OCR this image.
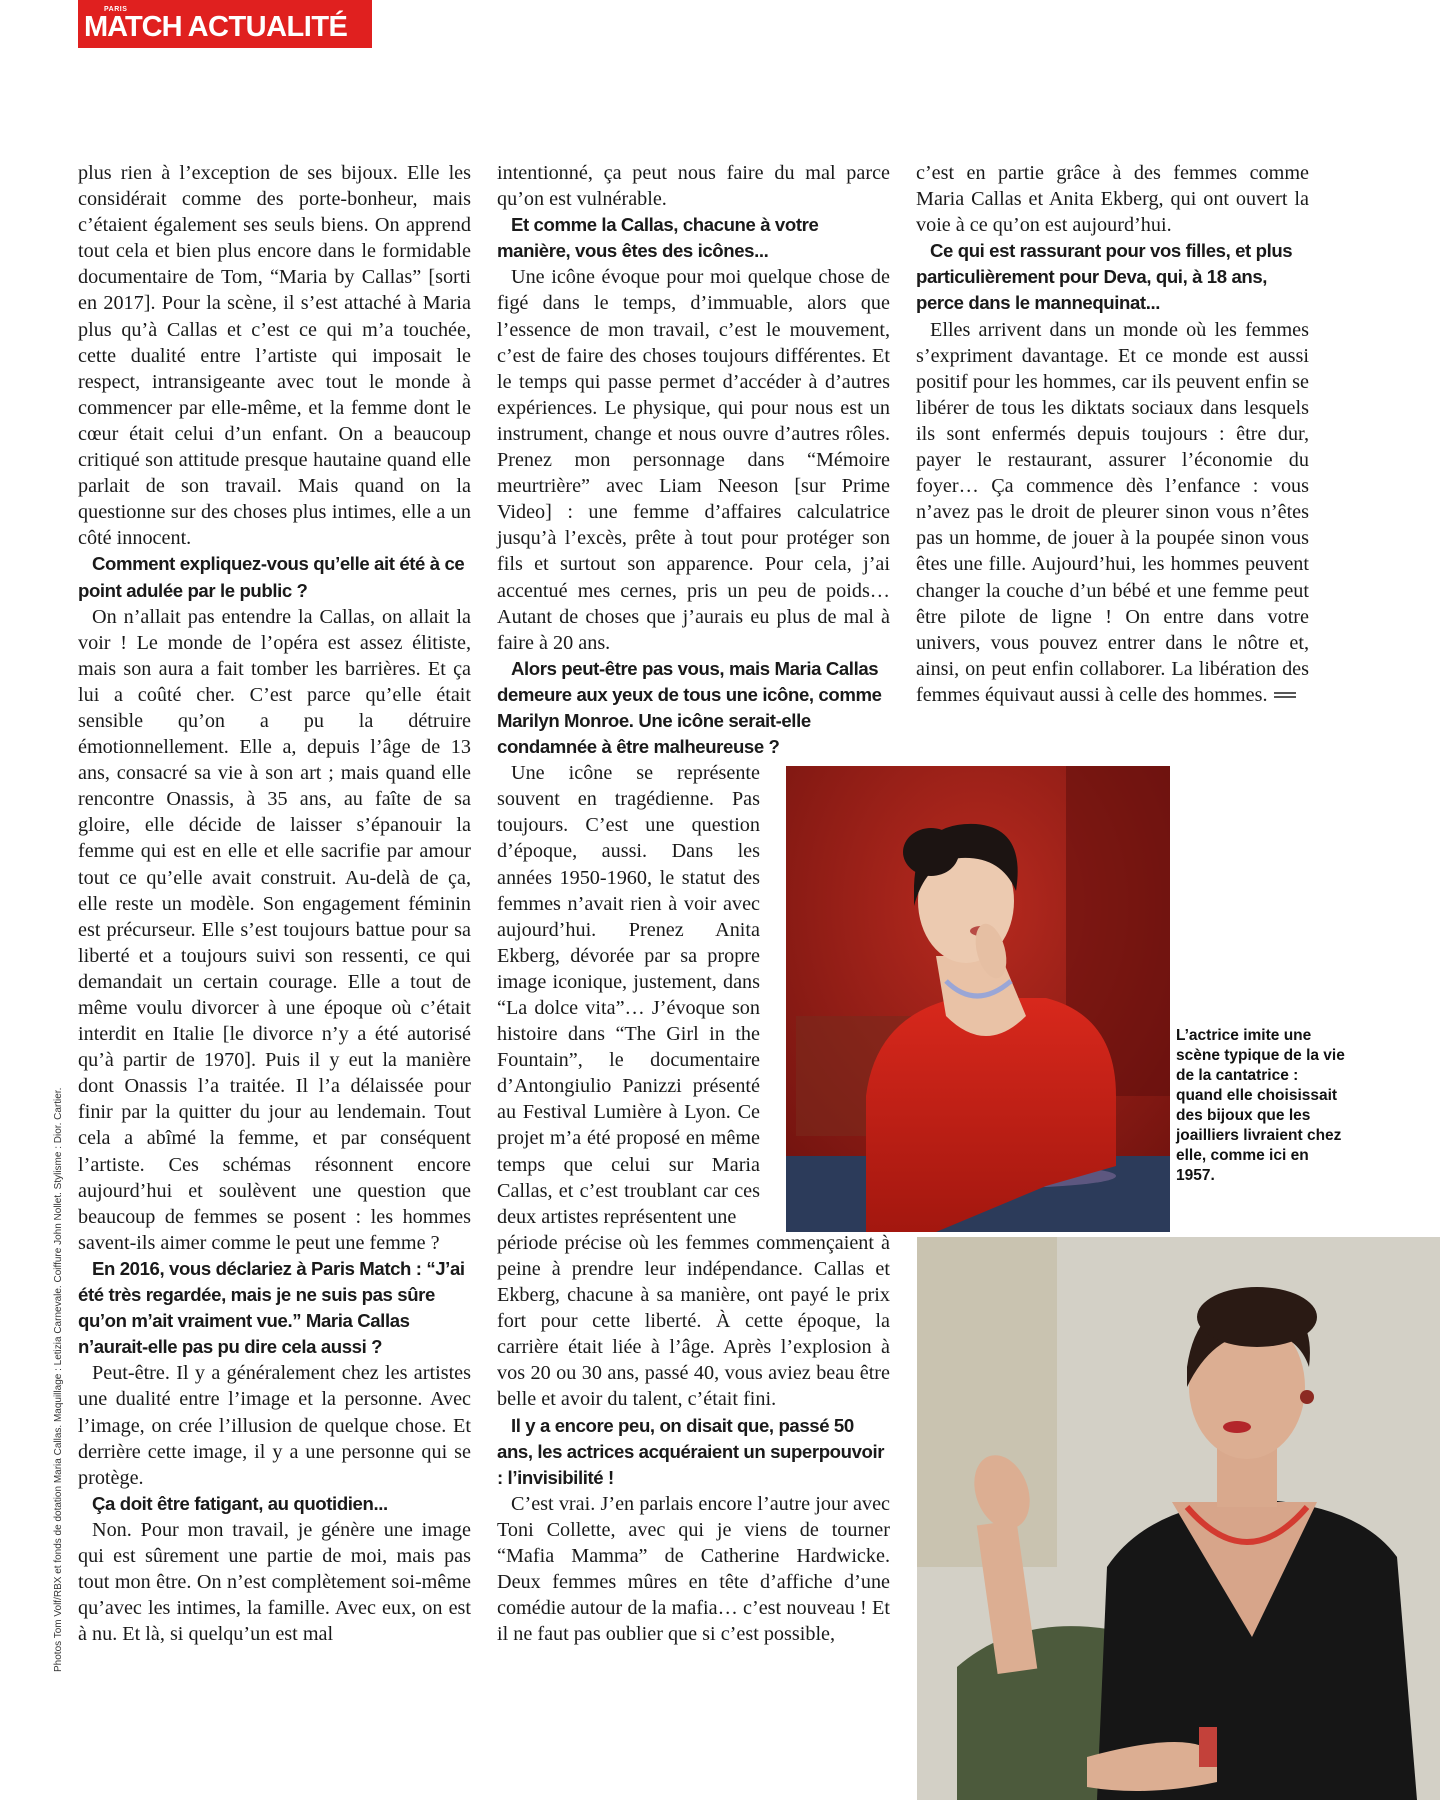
PARIS
MATCH ACTUALITÉ

plus rien à l’exception de ses bijoux. Elle les considérait comme des porte-bonheur, mais c’étaient également ses seuls biens. On apprend tout cela et bien plus encore dans le formidable documentaire de Tom, “Maria by Callas” [sorti en 2017]. Pour la scène, il s’est attaché à Maria plus qu’à Callas et c’est ce qui m’a touchée, cette dualité entre l’artiste qui imposait le respect, intransigeante avec tout le monde à commencer par elle-même, et la femme dont le cœur était celui d’un enfant. On a beaucoup critiqué son attitude presque hautaine quand elle parlait de son travail. Mais quand on la questionne sur des choses plus intimes, elle a un côté innocent.

Comment expliquez-vous qu’elle ait été à ce point adulée par le public ?

On n’allait pas entendre la Callas, on allait la voir ! Le monde de l’opéra est assez élitiste, mais son aura a fait tomber les barrières. Et ça lui a coûté cher. C’est parce qu’elle était sensible qu’on a pu la détruire émotionnellement. Elle a, depuis l’âge de 13 ans, consacré sa vie à son art ; mais quand elle rencontre Onassis, à 35 ans, au faîte de sa gloire, elle décide de laisser s’épanouir la femme qui est en elle et elle sacrifie par amour tout ce qu’elle avait construit. Au-delà de ça, elle reste un modèle. Son engagement féminin est précurseur. Elle s’est toujours battue pour sa liberté et a toujours suivi son ressenti, ce qui demandait un certain courage. Elle a tout de même voulu divorcer à une époque où c’était interdit en Italie [le divorce n’y a été autorisé qu’à partir de 1970]. Puis il y eut la manière dont Onassis l’a traitée. Il l’a délaissée pour finir par la quitter du jour au lendemain. Tout cela a abîmé la femme, et par conséquent l’artiste. Ces schémas résonnent encore aujourd’hui et soulèvent une question que beaucoup de femmes se posent : les hommes savent-ils aimer comme le peut une femme ?

En 2016, vous déclariez à Paris Match : “J’ai été très regardée, mais je ne suis pas sûre qu’on m’ait vraiment vue.” Maria Callas n’aurait-elle pas pu dire cela aussi ?

Peut-être. Il y a généralement chez les artistes une dualité entre l’image et la personne. Avec l’image, on crée l’illusion de quelque chose. Et derrière cette image, il y a une personne qui se protège.

Ça doit être fatigant, au quotidien...

Non. Pour mon travail, je génère une image qui est sûrement une partie de moi, mais pas tout mon être. On n’est complètement soi-même qu’avec les intimes, la famille. Avec eux, on est à nu. Et là, si quelqu’un est mal

intentionné, ça peut nous faire du mal parce qu’on est vulnérable.

Et comme la Callas, chacune à votre manière, vous êtes des icônes...

Une icône évoque pour moi quelque chose de figé dans le temps, d’immuable, alors que l’essence de mon travail, c’est le mouvement, c’est de faire des choses toujours différentes. Et le temps qui passe permet d’accéder à d’autres expériences. Le physique, qui pour nous est un instrument, change et nous ouvre d’autres rôles. Prenez mon personnage dans “Mémoire meurtrière” avec Liam Neeson [sur Prime Video] : une femme d’affaires calculatrice jusqu’à l’excès, prête à tout pour protéger son fils et surtout son apparence. Pour cela, j’ai accentué mes cernes, pris un peu de poids… Autant de choses que j’aurais eu plus de mal à faire à 20 ans.

Alors peut-être pas vous, mais Maria Callas demeure aux yeux de tous une icône, comme Marilyn Monroe. Une icône serait-elle condamnée à être malheureuse ?

Une icône se représente souvent en tragédienne. Pas toujours. C’est une question d’époque, aussi. Dans les années 1950-1960, le statut des femmes n’avait rien à voir avec aujourd’hui. Prenez Anita Ekberg, dévorée par sa propre image iconique, justement, dans “La dolce vita”… J’évoque son histoire dans “The Girl in the Fountain”, le documentaire d’Antongiulio Panizzi présenté au Festival Lumière à Lyon. Ce projet m’a été proposé en même temps que celui sur Maria Callas, et c’est troublant car ces deux artistes représentent une

période précise où les femmes commençaient à peine à prendre leur indépendance. Callas et Ekberg, chacune à sa manière, ont payé le prix fort pour cette liberté. À cette époque, la carrière était liée à l’âge. Après l’explosion à vos 20 ou 30 ans, passé 40, vous aviez beau être belle et avoir du talent, c’était fini.

Il y a encore peu, on disait que, passé 50 ans, les actrices acquéraient un superpouvoir : l’invisibilité !

C’est vrai. J’en parlais encore l’autre jour avec Toni Collette, avec qui je viens de tourner “Mafia Mamma” de Catherine Hardwicke. Deux femmes mûres en tête d’affiche d’une comédie autour de la mafia… c’est nouveau ! Et il ne faut pas oublier que si c’est possible,

c’est en partie grâce à des femmes comme Maria Callas et Anita Ekberg, qui ont ouvert la voie à ce qu’on est aujourd’hui.

Ce qui est rassurant pour vos filles, et plus particulièrement pour Deva, qui, à 18 ans, perce dans le mannequinat...

Elles arrivent dans un monde où les femmes s’expriment davantage. Et ce monde est aussi positif pour les hommes, car ils peuvent enfin se libérer de tous les diktats sociaux dans lesquels ils sont enfermés depuis toujours : être dur, payer le restaurant, assurer l’économie du foyer… Ça commence dès l’enfance : vous n’avez pas le droit de pleurer sinon vous n’êtes pas un homme, de jouer à la poupée sinon vous êtes une fille. Aujourd’hui, les hommes peuvent changer la couche d’un bébé et une femme peut être pilote de ligne ! On entre dans votre univers, vous pouvez entrer dans le nôtre et, ainsi, on peut enfin collaborer. La libération des femmes équivaut aussi à celle des hommes.

L’actrice imite une scène typique de la vie de la cantatrice : quand elle choisissait des bijoux que les joailliers livraient chez elle, comme ici en 1957.
Photos Tom Volf/RBX et fonds de dotation Maria Callas. Maquillage : Letizia Carnevale. Coiffure John Nollet. Stylisme : Dior. Cartier.
